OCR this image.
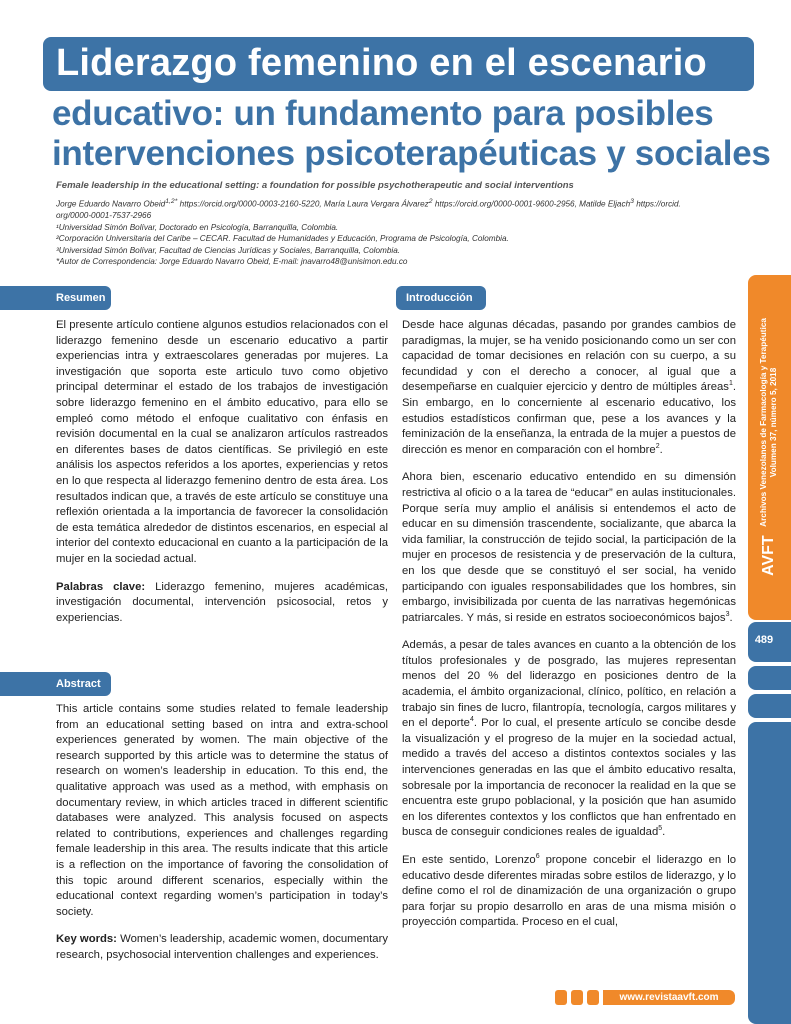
Liderazgo femenino en el escenario
educativo: un fundamento para posibles
intervenciones psicoterapéuticas y sociales
Female leadership in the educational setting: a foundation for possible psychotherapeutic and social interventions
Jorge Eduardo Navarro Obeid$^{1,2*}$ https://orcid.org/0000-0003-2160-5220, María Laura Vergara Álvarez$^2$ https://orcid.org/0000-0001-9600-2956, Matilde Eljach$^3$ https://orcid.
org/0000-0001-7537-2966
¹Universidad Simón Bolívar, Doctorado en Psicología, Barranquilla, Colombia.
²Corporación Universitaria del Caribe – CECAR. Facultad de Humanidades y Educación, Programa de Psicología, Colombia.
³Universidad Simón Bolívar, Facultad de Ciencias Jurídicas y Sociales, Barranquilla, Colombia.
*Autor de Correspondencia: Jorge Eduardo Navarro Obeid, E-mail: jnavarro48@unisimon.edu.co
Resumen

El presente artículo contiene algunos estudios relacionados con el liderazgo femenino desde un escenario educativo a partir experiencias intra y extraescolares generadas por mujeres. La investigación que soporta este articulo tuvo como objetivo principal determinar el estado de los trabajos de investigación sobre liderazgo femenino en el ámbito educativo, para ello se empleó como método el enfoque cualitativo con énfasis en revisión documental en la cual se analizaron artículos rastreados en diferentes bases de datos científicas. Se privilegió en este análisis los aspectos referidos a los aportes, experiencias y retos en lo que respecta al liderazgo femenino dentro de esta área. Los resultados indican que, a través de este artículo se constituye una reflexión orientada a la importancia de favorecer la consolidación de esta temática alrededor de distintos escenarios, en especial al interior del contexto educacional en cuanto a la participación de la mujer en la sociedad actual.

Palabras clave: Liderazgo femenino, mujeres académicas, investigación documental, intervención psicosocial, retos y experiencias.

Abstract

This article contains some studies related to female leadership from an educational setting based on intra and extra-school experiences generated by women. The main objective of the research supported by this article was to determine the status of research on women’s leadership in education. To this end, the qualitative approach was used as a method, with emphasis on documentary review, in which articles traced in different scientific databases were analyzed. This analysis focused on aspects related to contributions, experiences and challenges regarding female leadership in this area. The results indicate that this article is a reflection on the importance of favoring the consolidation of this topic around different scenarios, especially within the educational context regarding women’s participation in today’s society.

Key words: Women’s leadership, academic women, documentary research, psychosocial intervention challenges and experiences.

Introducción

Desde hace algunas décadas, pasando por grandes cambios de paradigmas, la mujer, se ha venido posicionando como un ser con capacidad de tomar decisiones en relación con su cuerpo, a su fecundidad y con el derecho a conocer, al igual que a desempeñarse en cualquier ejercicio y dentro de múltiples áreas$^1$. Sin embargo, en lo concerniente al escenario educativo, los estudios estadísticos confirman que, pese a los avances y la feminización de la enseñanza, la entrada de la mujer a puestos de dirección es menor en comparación con el hombre$^2$.

Ahora bien, escenario educativo entendido en su dimensión restrictiva al oficio o a la tarea de “educar” en aulas institucionales. Porque sería muy amplio el análisis si entendemos el acto de educar en su dimensión trascendente, socializante, que abarca la vida familiar, la construcción de tejido social, la participación de la mujer en procesos de resistencia y de preservación de la cultura, en los que desde que se constituyó el ser social, ha venido participando con iguales responsabilidades que los hombres, sin embargo, invisibilizada por cuenta de las narrativas hegemónicas patriarcales. Y más, si reside en estratos socioeconómicos bajos$^3$.

Además, a pesar de tales avances en cuanto a la obtención de los títulos profesionales y de posgrado, las mujeres representan menos del 20 % del liderazgo en posiciones dentro de la academia, el ámbito organizacional, clínico, político, en relación a trabajo sin fines de lucro, filantropía, tecnología, cargos militares y en el deporte$^4$. Por lo cual, el presente artículo se concibe desde la visualización y el progreso de la mujer en la sociedad actual, medido a través del acceso a distintos contextos sociales y las intervenciones generadas en las que el ámbito educativo resalta, sobresale por la importancia de reconocer la realidad en la que se encuentra este grupo poblacional, y la posición que han asumido en los diferentes contextos y los conflictos que han enfrentado en busca de conseguir condiciones reales de igualdad$^5$.

En este sentido, Lorenzo$^6$ propone concebir el liderazgo en lo educativo desde diferentes miradas sobre estilos de liderazgo, y lo define como el rol de dinamización de una organización o grupo para forjar su propio desarrollo en aras de una misma misión o proyección compartida. Proceso en el cual,

AVFT Archivos Venezolanos de Farmacología y Terapéutica
Volumen 37, número 5, 2018
489
www.revistaavft.com
